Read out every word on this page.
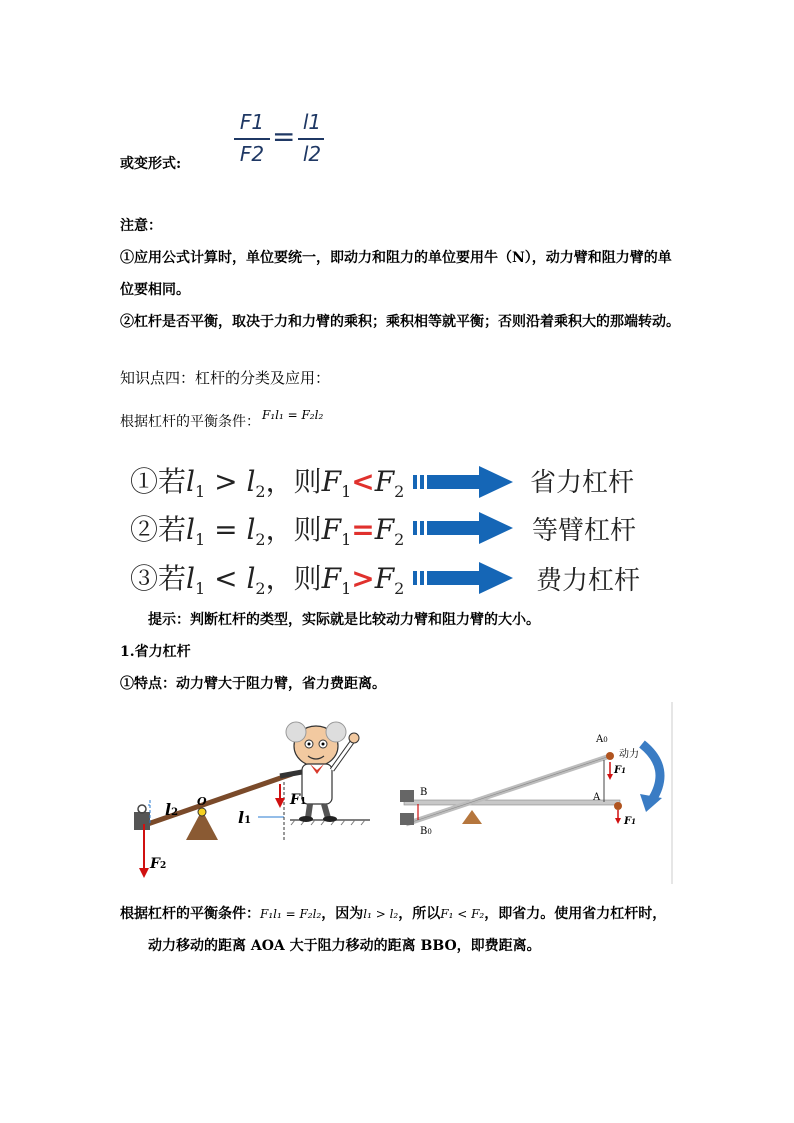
或变形式:
F1
F2
= l1
l2
注意：
①应用公式计算时，单位要统一，即动力和阻力的单位要用牛（N），动力臂和阻力臂的单
位要相同。
②杠杆是否平衡，取决于力和力臂的乘积；乘积相等就平衡；否则沿着乘积大的那端转动。
知识点四：杠杆的分类及应用：
根据杠杆的平衡条件： F₁l₁ = F₂l₂
①若$l_1 > l_2$，则$F_1<F_2$
②若$l_1 = l_2$，则$F_1=F_2$
③若$l_1 < l_2$，则$F_1>F_2$
省力杠杆
等臂杠杆
费力杠杆
提示：判断杠杆的类型，实际就是比较动力臂和阻力臂的大小。
1.省力杠杆
①特点：动力臂大于阻力臂，省力费距离。
O
l2	l1
F1
F2
A0
动力
A
B
B0
F1
F1
根据杠杆的平衡条件：F₁l₁ = F₂l₂，因为l₁ > l₂，所以F₁ < F₂，即省力。使用省力杠杆时，
动力移动的距离 AOA 大于阻力移动的距离 BBO，即费距离。
